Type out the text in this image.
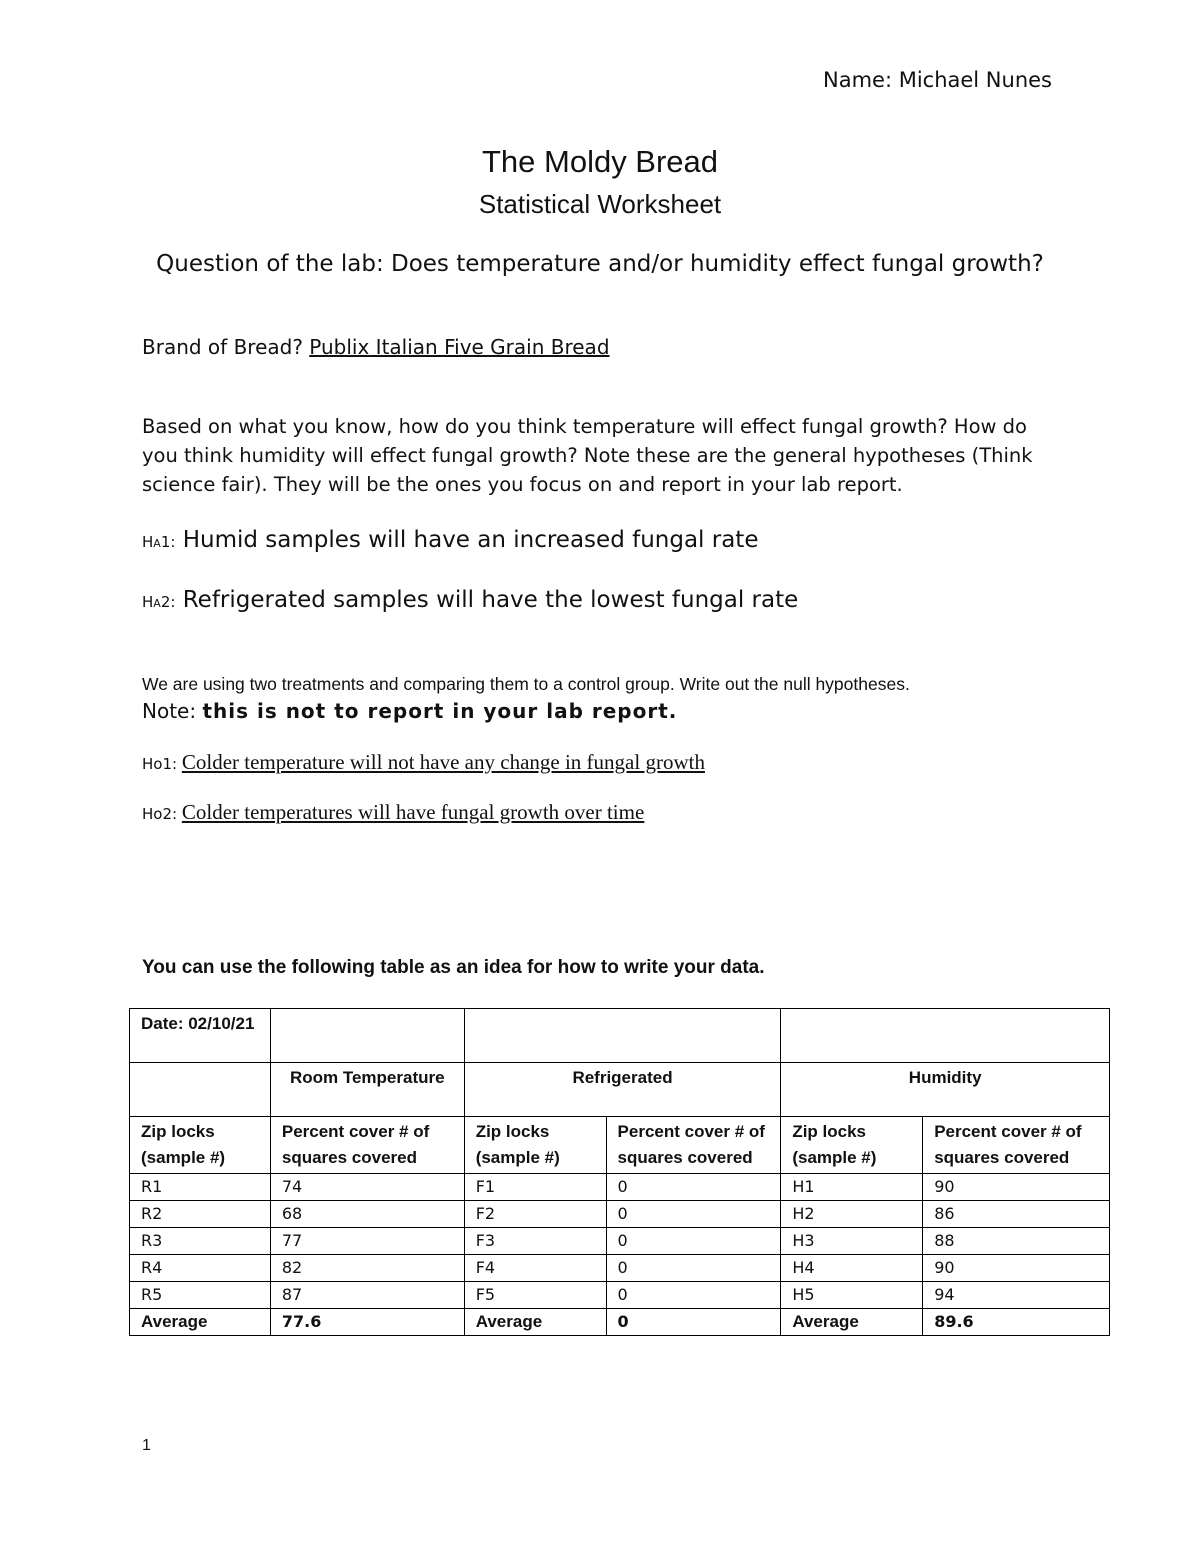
Name: Michael Nunes
The Moldy Bread
Statistical Worksheet
Question of the lab: Does temperature and/or humidity effect fungal growth?
Brand of Bread? Publix Italian Five Grain Bread
Based on what you know, how do you think temperature will effect fungal growth? How do you think humidity will effect fungal growth? Note these are the general hypotheses (Think science fair). They will be the ones you focus on and report in your lab report.
HA1: Humid samples will have an increased fungal rate
HA2: Refrigerated samples will have the lowest fungal rate
We are using two treatments and comparing them to a control group. Write out the null hypotheses.
Note: this is not to report in your lab report.
Ho1: Colder temperature will not have any change in fungal growth
Ho2: Colder temperatures will have fungal growth over time
You can use the following table as an idea for how to write your data.
Date: 02/10/21					
	Room Temperature	Refrigerated		Humidity	
Zip locks (sample #)	Percent cover # of squares covered	Zip locks (sample #)	Percent cover # of squares covered	Zip locks (sample #)	Percent cover # of squares covered
R1	74	F1	0	H1	90
R2	68	F2	0	H2	86
R3	77	F3	0	H3	88
R4	82	F4	0	H4	90
R5	87	F5	0	H5	94
Average	77.6	Average	0	Average	89.6
1
